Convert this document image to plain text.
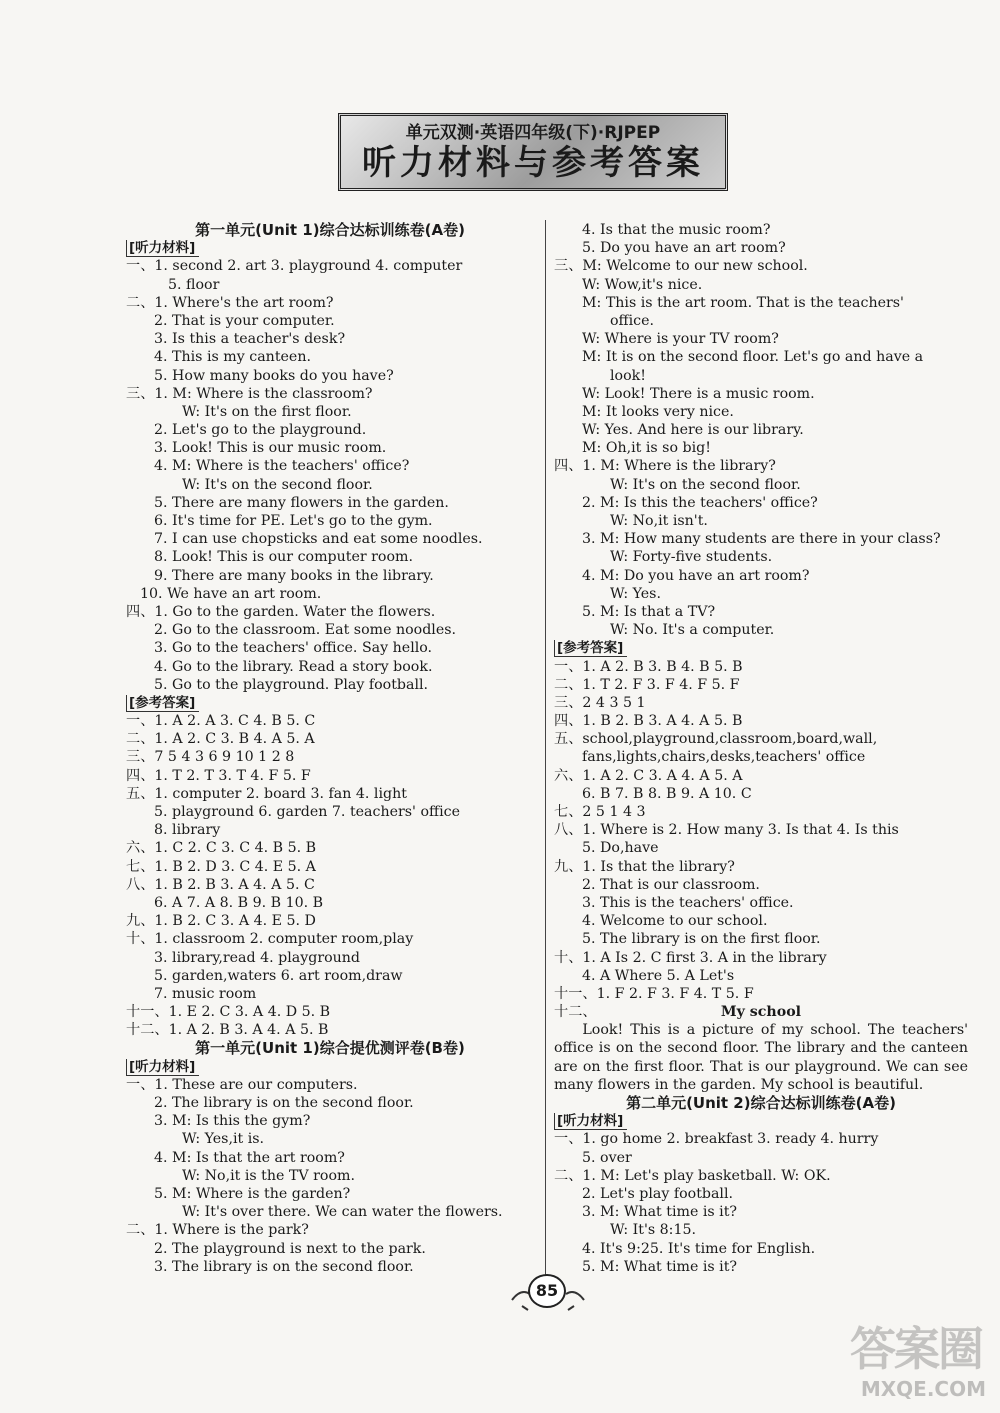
单元双测·英语四年级(下)·RJPEP
听力材料与参考答案
第一单元(Unit 1)综合达标训练卷(A卷)
[听力材料]
一、1. second 2. art 3. playground 4. computer
5. floor
二、1. Where's the art room?
2. That is your computer.
3. Is this a teacher's desk?
4. This is my canteen.
5. How many books do you have?
三、1. M: Where is the classroom?
W: It's on the first floor.
2. Let's go to the playground.
3. Look! This is our music room.
4. M: Where is the teachers' office?
W: It's on the second floor.
5. There are many flowers in the garden.
6. It's time for PE. Let's go to the gym.
7. I can use chopsticks and eat some noodles.
8. Look! This is our computer room.
9. There are many books in the library.
10. We have an art room.
四、1. Go to the garden. Water the flowers.
2. Go to the classroom. Eat some noodles.
3. Go to the teachers' office. Say hello.
4. Go to the library. Read a story book.
5. Go to the playground. Play football.
[参考答案]
一、1. A 2. A 3. C 4. B 5. C
二、1. A 2. C 3. B 4. A 5. A
三、7 5 4 3 6 9 10 1 2 8
四、1. T 2. T 3. T 4. F 5. F
五、1. computer 2. board 3. fan 4. light
5. playground 6. garden 7. teachers' office
8. library
六、1. C 2. C 3. C 4. B 5. B
七、1. B 2. D 3. C 4. E 5. A
八、1. B 2. B 3. A 4. A 5. C
6. A 7. A 8. B 9. B 10. B
九、1. B 2. C 3. A 4. E 5. D
十、1. classroom 2. computer room,play
3. library,read 4. playground
5. garden,waters 6. art room,draw
7. music room
十一、1. E 2. C 3. A 4. D 5. B
十二、1. A 2. B 3. A 4. A 5. B
第一单元(Unit 1)综合提优测评卷(B卷)
[听力材料]
一、1. These are our computers.
2. The library is on the second floor.
3. M: Is this the gym?
W: Yes,it is.
4. M: Is that the art room?
W: No,it is the TV room.
5. M: Where is the garden?
W: It's over there. We can water the flowers.
二、1. Where is the park?
2. The playground is next to the park.
3. The library is on the second floor.
4. Is that the music room?
5. Do you have an art room?
三、M: Welcome to our new school.
W: Wow,it's nice.
M: This is the art room. That is the teachers'
office.
W: Where is your TV room?
M: It is on the second floor. Let's go and have a
look!
W: Look! There is a music room.
M: It looks very nice.
W: Yes. And here is our library.
M: Oh,it is so big!
四、1. M: Where is the library?
W: It's on the second floor.
2. M: Is this the teachers' office?
W: No,it isn't.
3. M: How many students are there in your class?
W: Forty-five students.
4. M: Do you have an art room?
W: Yes.
5. M: Is that a TV?
W: No. It's a computer.
[参考答案]
一、1. A 2. B 3. B 4. B 5. B
二、1. T 2. F 3. F 4. F 5. F
三、2 4 3 5 1
四、1. B 2. B 3. A 4. A 5. B
五、school,playground,classroom,board,wall,
fans,lights,chairs,desks,teachers' office
六、1. A 2. C 3. A 4. A 5. A
6. B 7. B 8. B 9. A 10. C
七、2 5 1 4 3
八、1. Where is 2. How many 3. Is that 4. Is this
5. Do,have
九、1. Is that the library?
2. That is our classroom.
3. This is the teachers' office.
4. Welcome to our school.
5. The library is on the first floor.
十、1. A Is 2. C first 3. A in the library
4. A Where 5. A Let's
十一、1. F 2. F 3. F 4. T 5. F
十二、	My school
Look! This is a picture of my school. The teachers' office is on the second floor. The library and the canteen are on the first floor. That is our playground. We can see many flowers in the garden. My school is beautiful.
第二单元(Unit 2)综合达标训练卷(A卷)
[听力材料]
一、1. go home 2. breakfast 3. ready 4. hurry
5. over
二、1. M: Let's play basketball. W: OK.
2. Let's play football.
3. M: What time is it?
W: It's 8:15.
4. It's 9:25. It's time for English.
5. M: What time is it?
85
答案圈
MXQE.COM
